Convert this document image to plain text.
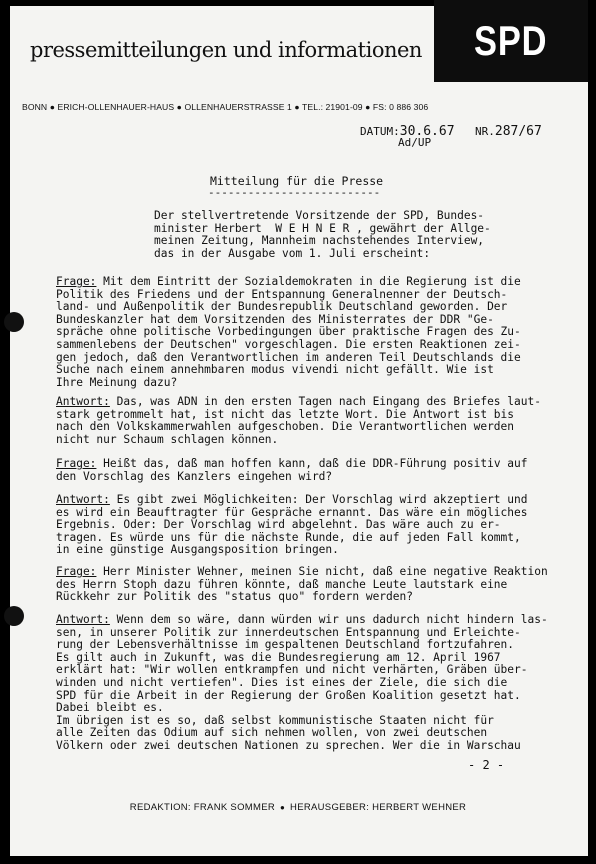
pressemitteilungen und informationen SPD
BONN ● ERICH-OLLENHAUER-HAUS ● OLLENHAUERSTRASSE 1 ● TEL.: 21901-09 ● FS: 0 886 306
DATUM:30.6.67
Ad/UP
NR.287/67
Mitteilung für die Presse
--------------------------
Der stellvertretende Vorsitzende der SPD, Bundes-
minister Herbert  W E H N E R , gewährt der Allge-
meinen Zeitung, Mannheim nachstehendes Interview,
das in der Ausgabe vom 1. Juli erscheint:
Frage: Mit dem Eintritt der Sozialdemokraten in die Regierung ist die
Politik des Friedens und der Entspannung Generalnenner der Deutsch-
land- und Außenpolitik der Bundesrepublik Deutschland geworden. Der
Bundeskanzler hat dem Vorsitzenden des Ministerrates der DDR "Ge-
spräche ohne politische Vorbedingungen über praktische Fragen des Zu-
sammenlebens der Deutschen" vorgeschlagen. Die ersten Reaktionen zei-
gen jedoch, daß den Verantwortlichen im anderen Teil Deutschlands die
Suche nach einem annehmbaren modus vivendi nicht gefällt. Wie ist
Ihre Meinung dazu?
Antwort: Das, was ADN in den ersten Tagen nach Eingang des Briefes laut-
stark getrommelt hat, ist nicht das letzte Wort. Die Antwort ist bis
nach den Volkskammerwahlen aufgeschoben. Die Verantwortlichen werden
nicht nur Schaum schlagen können.
Frage: Heißt das, daß man hoffen kann, daß die DDR-Führung positiv auf
den Vorschlag des Kanzlers eingehen wird?
Antwort: Es gibt zwei Möglichkeiten: Der Vorschlag wird akzeptiert und
es wird ein Beauftragter für Gespräche ernannt. Das wäre ein mögliches
Ergebnis. Oder: Der Vorschlag wird abgelehnt. Das wäre auch zu er-
tragen. Es würde uns für die nächste Runde, die auf jeden Fall kommt,
in eine günstige Ausgangsposition bringen.
Frage: Herr Minister Wehner, meinen Sie nicht, daß eine negative Reaktion
des Herrn Stoph dazu führen könnte, daß manche Leute lautstark eine
Rückkehr zur Politik des "status quo" fordern werden?
Antwort: Wenn dem so wäre, dann würden wir uns dadurch nicht hindern las-
sen, in unserer Politik zur innerdeutschen Entspannung und Erleichte-
rung der Lebensverhältnisse im gespaltenen Deutschland fortzufahren.
Es gilt auch in Zukunft, was die Bundesregierung am 12. April 1967
erklärt hat: "Wir wollen entkrampfen und nicht verhärten, Gräben über-
winden und nicht vertiefen". Dies ist eines der Ziele, die sich die
SPD für die Arbeit in der Regierung der Großen Koalition gesetzt hat.
Dabei bleibt es.
Im übrigen ist es so, daß selbst kommunistische Staaten nicht für
alle Zeiten das Odium auf sich nehmen wollen, von zwei deutschen
Völkern oder zwei deutschen Nationen zu sprechen. Wer die in Warschau
- 2 -
REDAKTION: FRANK SOMMER ● HERAUSGEBER: HERBERT WEHNER
